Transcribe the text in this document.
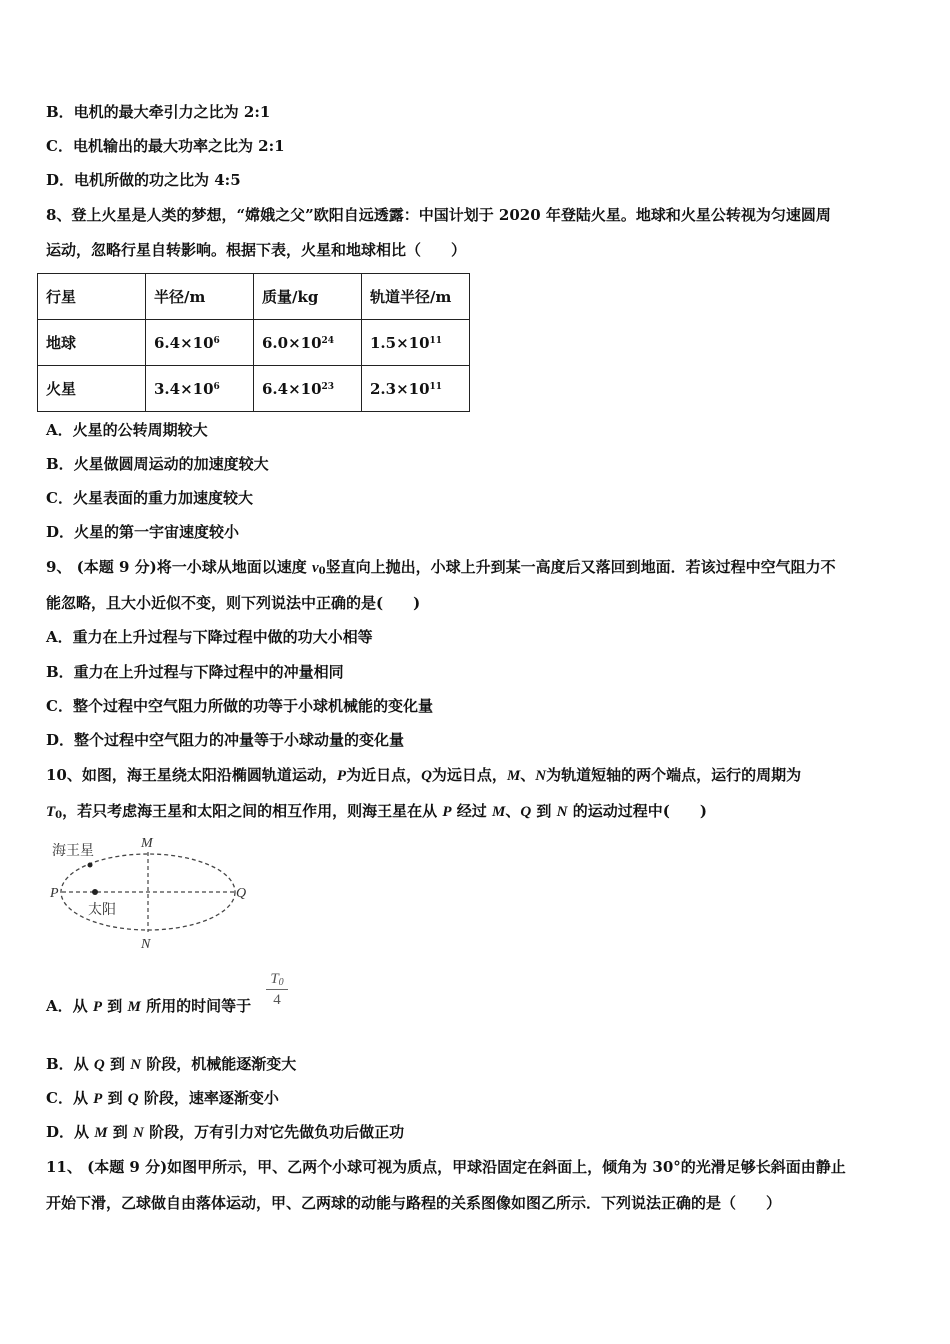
B．电机的最大牵引力之比为 2:1
C．电机输出的最大功率之比为 2:1
D．电机所做的功之比为 4:5
8、登上火星是人类的梦想，“嫦娥之父”欧阳自远透露：中国计划于 2020 年登陆火星。地球和火星公转视为匀速圆周
运动，忽略行星自转影响。根据下表，火星和地球相比（　　）
行星	半径/m	质量/kg	轨道半径/m
地球	$6.4\times 10^6$	$6.0\times 10^{24}$	$1.5\times 10^{11}$
火星	$3.4\times 10^6$	$6.4\times 10^{23}$	$2.3\times 10^{11}$
A．火星的公转周期较大
B．火星做圆周运动的加速度较大
C．火星表面的重力加速度较大
D．火星的第一宇宙速度较小
9、 (本题 9 分)将一小球从地面以速度 $v_0$竖直向上抛出，小球上升到某一高度后又落回到地面．若该过程中空气阻力不
能忽略，且大小近似不变，则下列说法中正确的是(　　)
A．重力在上升过程与下降过程中做的功大小相等
B．重力在上升过程与下降过程中的冲量相同
C．整个过程中空气阻力所做的功等于小球机械能的变化量
D．整个过程中空气阻力的冲量等于小球动量的变化量
10、如图，海王星绕太阳沿椭圆轨道运动，P为近日点，Q为远日点，M、N为轨道短轴的两个端点，运行的周期为
$T_0$，若只考虑海王星和太阳之间的相互作用，则海王星在从 P 经过 M、Q 到 N 的运动过程中(　　)
海王星
太阳
P	Q
M
N
A．从 P 到 M 所用的时间等于
$T_0$
4
B．从 Q 到 N 阶段，机械能逐渐变大
C．从 P 到 Q 阶段，速率逐渐变小
D．从 M 到 N 阶段，万有引力对它先做负功后做正功
11、 (本题 9 分)如图甲所示，甲、乙两个小球可视为质点，甲球沿固定在斜面上，倾角为 30°的光滑足够长斜面由静止
开始下滑，乙球做自由落体运动，甲、乙两球的动能与路程的关系图像如图乙所示．下列说法正确的是（　　）
